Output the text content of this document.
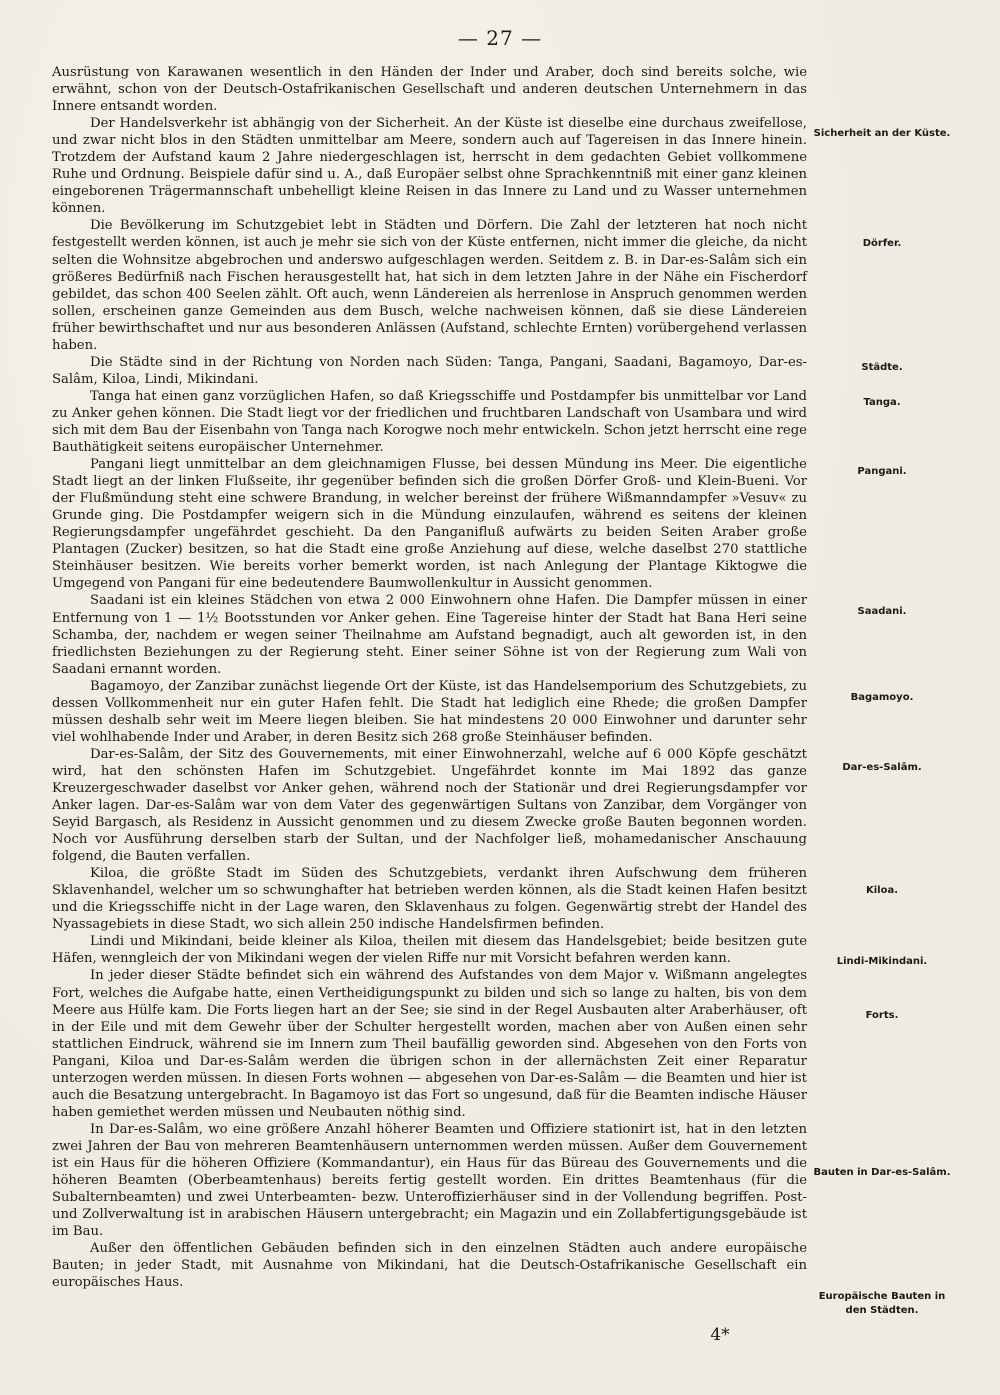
— 27 —

Ausrüstung von Karawanen wesentlich in den Händen der Inder und Araber, doch sind bereits solche, wie erwähnt, schon von der Deutsch-Ostafrikanischen Gesellschaft und anderen deutschen Unternehmern in das Innere entsandt worden.

Der Handelsverkehr ist abhängig von der Sicherheit. An der Küste ist dieselbe eine durchaus zweifellose, und zwar nicht blos in den Städten unmittelbar am Meere, sondern auch auf Tagereisen in das Innere hinein. Trotzdem der Aufstand kaum 2 Jahre niedergeschlagen ist, herrscht in dem gedachten Gebiet vollkommene Ruhe und Ordnung. Beispiele dafür sind u. A., daß Europäer selbst ohne Sprachkenntniß mit einer ganz kleinen eingeborenen Trägermannschaft unbehelligt kleine Reisen in das Innere zu Land und zu Wasser unternehmen können.

Die Bevölkerung im Schutzgebiet lebt in Städten und Dörfern. Die Zahl der letzteren hat noch nicht festgestellt werden können, ist auch je mehr sie sich von der Küste entfernen, nicht immer die gleiche, da nicht selten die Wohnsitze abgebrochen und anderswo aufgeschlagen werden. Seitdem z. B. in Dar-es-Salâm sich ein größeres Bedürfniß nach Fischen herausgestellt hat, hat sich in dem letzten Jahre in der Nähe ein Fischerdorf gebildet, das schon 400 Seelen zählt. Oft auch, wenn Ländereien als herrenlose in Anspruch genommen werden sollen, erscheinen ganze Gemeinden aus dem Busch, welche nachweisen können, daß sie diese Ländereien früher bewirthschaftet und nur aus besonderen Anlässen (Aufstand, schlechte Ernten) vorübergehend verlassen haben.

Die Städte sind in der Richtung von Norden nach Süden: Tanga, Pangani, Saadani, Bagamoyo, Dar-es-Salâm, Kiloa, Lindi, Mikindani.

Tanga hat einen ganz vorzüglichen Hafen, so daß Kriegsschiffe und Postdampfer bis unmittelbar vor Land zu Anker gehen können. Die Stadt liegt vor der friedlichen und fruchtbaren Landschaft von Usambara und wird sich mit dem Bau der Eisenbahn von Tanga nach Korogwe noch mehr entwickeln. Schon jetzt herrscht eine rege Bauthätigkeit seitens europäischer Unternehmer.

Pangani liegt unmittelbar an dem gleichnamigen Flusse, bei dessen Mündung ins Meer. Die eigentliche Stadt liegt an der linken Flußseite, ihr gegenüber befinden sich die großen Dörfer Groß- und Klein-Bueni. Vor der Flußmündung steht eine schwere Brandung, in welcher bereinst der frühere Wißmanndampfer »Vesuv« zu Grunde ging. Die Postdampfer weigern sich in die Mündung einzulaufen, während es seitens der kleinen Regierungsdampfer ungefährdet geschieht. Da den Panganifluß aufwärts zu beiden Seiten Araber große Plantagen (Zucker) besitzen, so hat die Stadt eine große Anziehung auf diese, welche daselbst 270 stattliche Steinhäuser besitzen. Wie bereits vorher bemerkt worden, ist nach Anlegung der Plantage Kiktogwe die Umgegend von Pangani für eine bedeutendere Baumwollenkultur in Aussicht genommen.

Saadani ist ein kleines Städchen von etwa 2 000 Einwohnern ohne Hafen. Die Dampfer müssen in einer Entfernung von 1 — 1½ Bootsstunden vor Anker gehen. Eine Tagereise hinter der Stadt hat Bana Heri seine Schamba, der, nachdem er wegen seiner Theilnahme am Aufstand begnadigt, auch alt geworden ist, in den friedlichsten Beziehungen zu der Regierung steht. Einer seiner Söhne ist von der Regierung zum Wali von Saadani ernannt worden.

Bagamoyo, der Zanzibar zunächst liegende Ort der Küste, ist das Handelsemporium des Schutzgebiets, zu dessen Vollkommenheit nur ein guter Hafen fehlt. Die Stadt hat lediglich eine Rhede; die großen Dampfer müssen deshalb sehr weit im Meere liegen bleiben. Sie hat mindestens 20 000 Einwohner und darunter sehr viel wohlhabende Inder und Araber, in deren Besitz sich 268 große Steinhäuser befinden.

Dar-es-Salâm, der Sitz des Gouvernements, mit einer Einwohnerzahl, welche auf 6 000 Köpfe geschätzt wird, hat den schönsten Hafen im Schutzgebiet. Ungefährdet konnte im Mai 1892 das ganze Kreuzergeschwader daselbst vor Anker gehen, während noch der Stationär und drei Regierungsdampfer vor Anker lagen. Dar-es-Salâm war von dem Vater des gegenwärtigen Sultans von Zanzibar, dem Vorgänger von Seyid Bargasch, als Residenz in Aussicht genommen und zu diesem Zwecke große Bauten begonnen worden. Noch vor Ausführung derselben starb der Sultan, und der Nachfolger ließ, mohamedanischer Anschauung folgend, die Bauten verfallen.

Kiloa, die größte Stadt im Süden des Schutzgebiets, verdankt ihren Aufschwung dem früheren Sklavenhandel, welcher um so schwunghafter hat betrieben werden können, als die Stadt keinen Hafen besitzt und die Kriegsschiffe nicht in der Lage waren, den Sklavenhaus zu folgen. Gegenwärtig strebt der Handel des Nyassagebiets in diese Stadt, wo sich allein 250 indische Handelsfirmen befinden.

Lindi und Mikindani, beide kleiner als Kiloa, theilen mit diesem das Handelsgebiet; beide besitzen gute Häfen, wenngleich der von Mikindani wegen der vielen Riffe nur mit Vorsicht befahren werden kann.

In jeder dieser Städte befindet sich ein während des Aufstandes von dem Major v. Wißmann angelegtes Fort, welches die Aufgabe hatte, einen Vertheidigungspunkt zu bilden und sich so lange zu halten, bis von dem Meere aus Hülfe kam. Die Forts liegen hart an der See; sie sind in der Regel Ausbauten alter Araberhäuser, oft in der Eile und mit dem Gewehr über der Schulter hergestellt worden, machen aber von Außen einen sehr stattlichen Eindruck, während sie im Innern zum Theil baufällig geworden sind. Abgesehen von den Forts von Pangani, Kiloa und Dar-es-Salâm werden die übrigen schon in der allernächsten Zeit einer Reparatur unterzogen werden müssen. In diesen Forts wohnen — abgesehen von Dar-es-Salâm — die Beamten und hier ist auch die Besatzung untergebracht. In Bagamoyo ist das Fort so ungesund, daß für die Beamten indische Häuser haben gemiethet werden müssen und Neubauten nöthig sind.

In Dar-es-Salâm, wo eine größere Anzahl höherer Beamten und Offiziere stationirt ist, hat in den letzten zwei Jahren der Bau von mehreren Beamtenhäusern unternommen werden müssen. Außer dem Gouvernement ist ein Haus für die höheren Offiziere (Kommandantur), ein Haus für das Büreau des Gouvernements und die höheren Beamten (Oberbeamtenhaus) bereits fertig gestellt worden. Ein drittes Beamtenhaus (für die Subalternbeamten) und zwei Unterbeamten- bezw. Unteroffizierhäuser sind in der Vollendung begriffen. Post- und Zollverwaltung ist in arabischen Häusern untergebracht; ein Magazin und ein Zollabfertigungsgebäude ist im Bau.

Außer den öffentlichen Gebäuden befinden sich in den einzelnen Städten auch andere europäische Bauten; in jeder Stadt, mit Ausnahme von Mikindani, hat die Deutsch-Ostafrikanische Gesellschaft ein europäisches Haus.

Sicherheit an der Küste.
Dörfer.
Städte.
Tanga.
Pangani.
Saadani.
Bagamoyo.
Dar-es-Salâm.
Kiloa.
Lindi-Mikindani.
Forts.
Bauten in Dar-es-Salâm.
Europäische Bauten in den Städten.
4*
